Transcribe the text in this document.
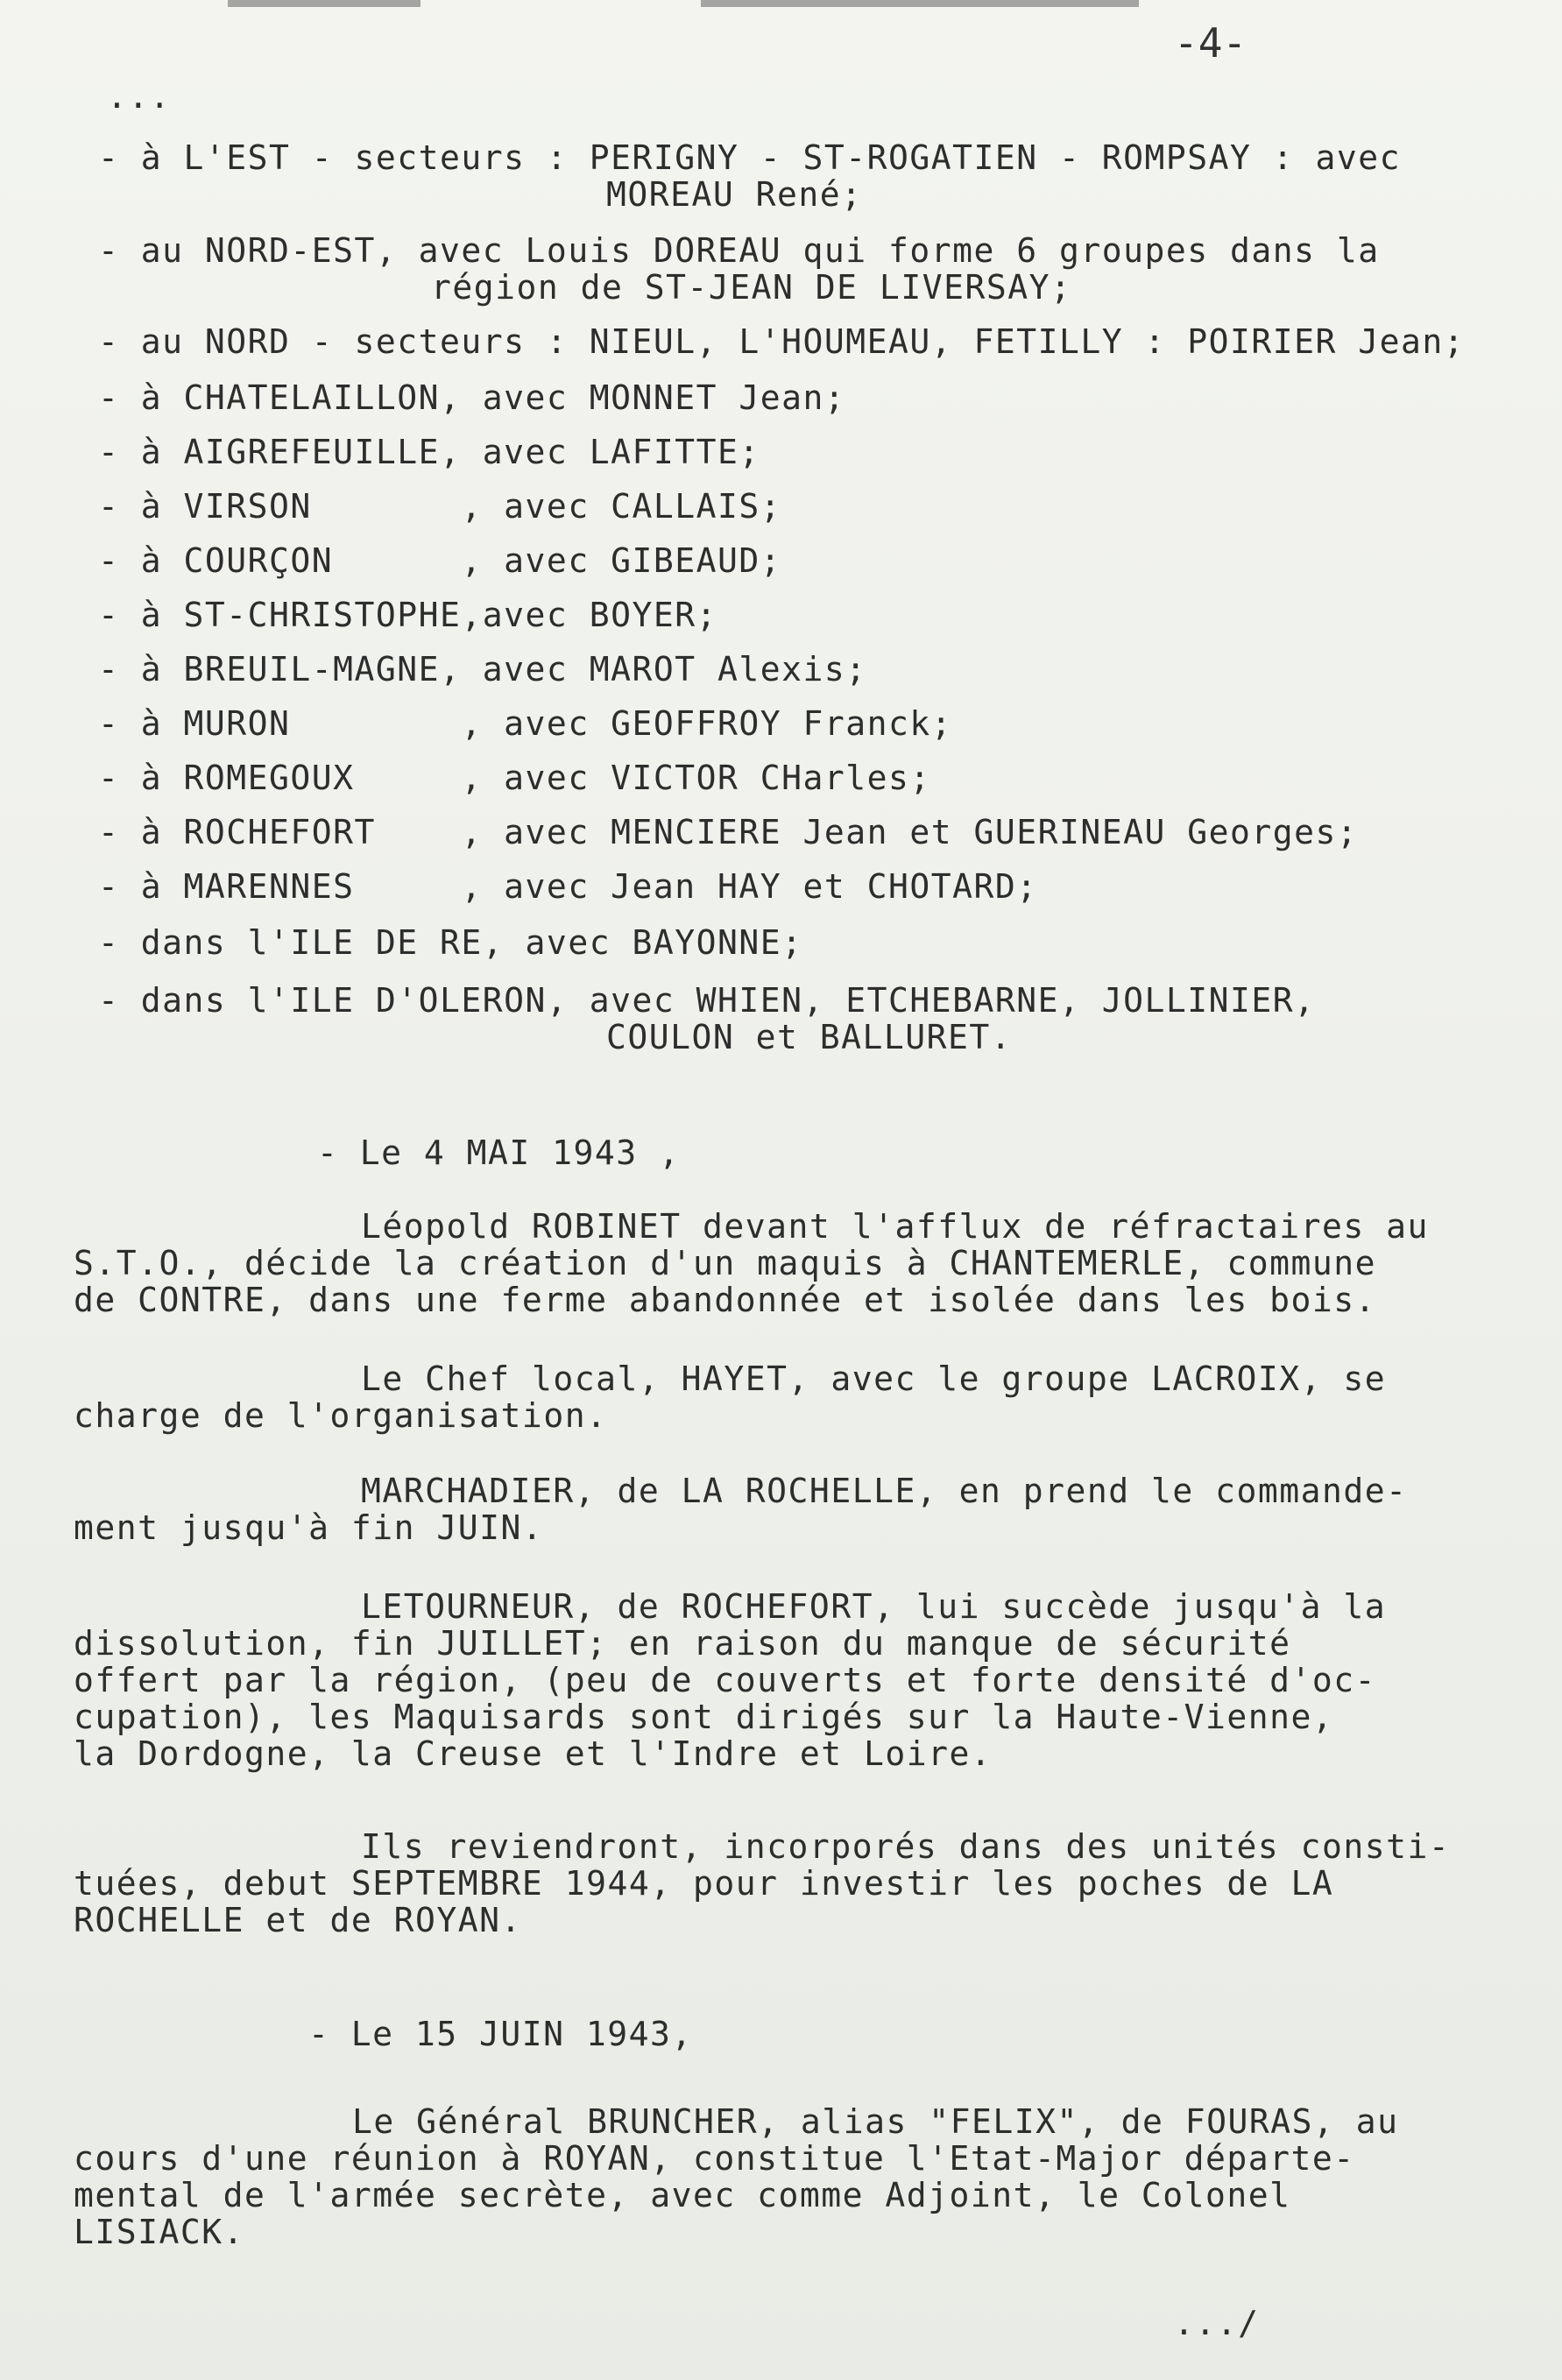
-4-
...
- à L'EST - secteurs : PERIGNY - ST-ROGATIEN - ROMPSAY : avec
MOREAU René;
- au NORD-EST, avec Louis DOREAU qui forme 6 groupes dans la
région de ST-JEAN DE LIVERSAY;
- au NORD - secteurs : NIEUL, L'HOUMEAU, FETILLY : POIRIER Jean;
- à CHATELAILLON, avec MONNET Jean;
- à AIGREFEUILLE, avec LAFITTE;
- à VIRSON       , avec CALLAIS;
- à COURÇON      , avec GIBEAUD;
- à ST-CHRISTOPHE,avec BOYER;
- à BREUIL-MAGNE, avec MAROT Alexis;
- à MURON        , avec GEOFFROY Franck;
- à ROMEGOUX     , avec VICTOR CHarles;
- à ROCHEFORT    , avec MENCIERE Jean et GUERINEAU Georges;
- à MARENNES     , avec Jean HAY et CHOTARD;
- dans l'ILE DE RE, avec BAYONNE;
- dans l'ILE D'OLERON, avec WHIEN, ETCHEBARNE, JOLLINIER,
COULON et BALLURET.
- Le 4 MAI 1943 ,
Léopold ROBINET devant l'afflux de réfractaires au
S.T.O., décide la création d'un maquis à CHANTEMERLE, commune
de CONTRE, dans une ferme abandonnée et isolée dans les bois.
Le Chef local, HAYET, avec le groupe LACROIX, se
charge de l'organisation.
MARCHADIER, de LA ROCHELLE, en prend le commande-
ment jusqu'à fin JUIN.
LETOURNEUR, de ROCHEFORT, lui succède jusqu'à la
dissolution, fin JUILLET; en raison du manque de sécurité
offert par la région, (peu de couverts et forte densité d'oc-
cupation), les Maquisards sont dirigés sur la Haute-Vienne,
la Dordogne, la Creuse et l'Indre et Loire.
Ils reviendront, incorporés dans des unités consti-
tuées, debut SEPTEMBRE 1944, pour investir les poches de LA
ROCHELLE et de ROYAN.
- Le 15 JUIN 1943,
Le Général BRUNCHER, alias "FELIX", de FOURAS, au
cours d'une réunion à ROYAN, constitue l'Etat-Major départe-
mental de l'armée secrète, avec comme Adjoint, le Colonel
LISIACK.
...∕
